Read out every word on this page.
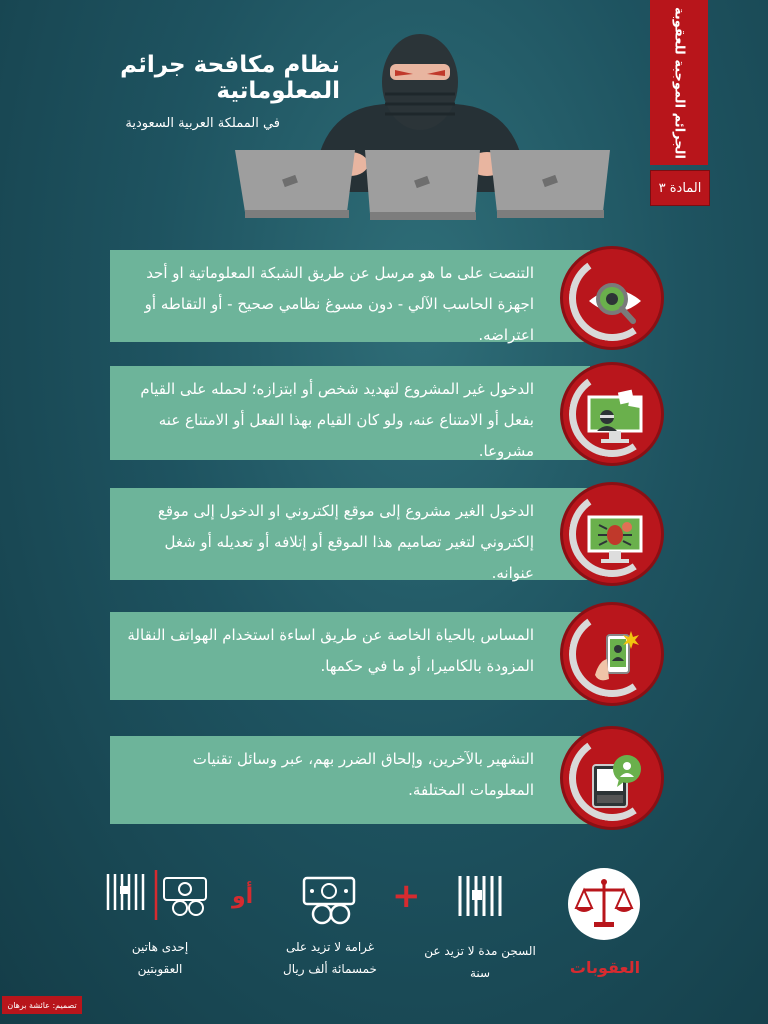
نظام مكافحة جرائم المعلوماتية
في المملكة العربية السعودية	الجرائم الموجبة للعقوبة
المادة ٣
التنصت على ما هو مرسل عن طريق الشبكة المعلوماتية او أحد اجهزة الحاسب الآلي - دون مسوغ نظامي صحيح - أو التقاطه أو اعتراضه.
الدخول غير المشروع لتهديد شخص أو ابتزازه؛ لحمله على القيام بفعل أو الامتناع عنه، ولو كان القيام بهذا الفعل أو الامتناع عنه مشروعا.
الدخول الغير مشروع إلى موقع إلكتروني او الدخول إلى موقع إلكتروني لتغير تصاميم هذا الموقع أو إتلافه أو تعديله أو شغل عنوانه.
المساس بالحياة الخاصة عن طريق اساءة استخدام الهواتف النقالة المزودة بالكاميرا، أو ما في حكمها.
التشهير بالآخرين، وإلحاق الضرر بهم، عبر وسائل تقنيات المعلومات المختلفة.
العقوبات
السجن مدة لا تزيد عن سنة
+
غرامة لا تزيد على خمسمائة ألف ريال
أو
إحدى هاتين العقوبتين
تصميم: عائشة برهان
